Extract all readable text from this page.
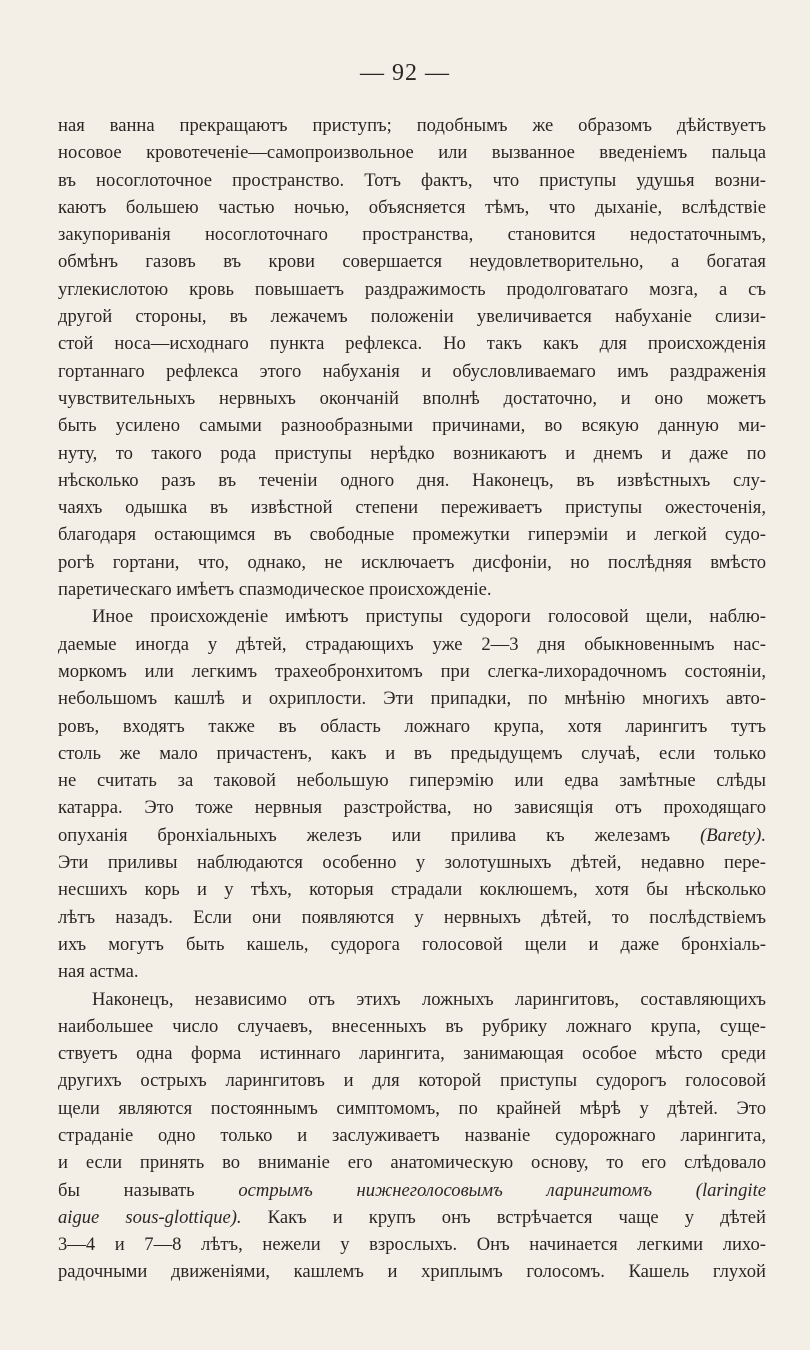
— 92 —
ная ванна прекращаютъ приступъ; подобнымъ же образомъ дѣйствуетъ
носовое кровотеченіе—самопроизвольное или вызванное введеніемъ пальца
въ носоглоточное пространство. Тотъ фактъ, что приступы удушья возни-
каютъ большею частью ночью, объясняется тѣмъ, что дыханіе, вслѣдствіе
закупориванія носоглоточнаго пространства, становится недостаточнымъ,
обмѣнъ газовъ въ крови совершается неудовлетворительно, а богатая
углекислотою кровь повышаетъ раздражимость продолговатаго мозга, а съ
другой стороны, въ лежачемъ положеніи увеличивается набуханіе слизи-
стой носа—исходнаго пункта рефлекса. Но такъ какъ для происхожденія
гортаннаго рефлекса этого набуханія и обусловливаемаго имъ раздраженія
чувствительныхъ нервныхъ окончаній вполнѣ достаточно, и оно можетъ
быть усилено самыми разнообразными причинами, во всякую данную ми-
нуту, то такого рода приступы нерѣдко возникаютъ и днемъ и даже по
нѣсколько разъ въ теченіи одного дня. Наконецъ, въ извѣстныхъ слу-
чаяхъ одышка въ извѣстной степени переживаетъ приступы ожесточенія,
благодаря остающимся въ свободные промежутки гиперэміи и легкой судо-
рогѣ гортани, что, однако, не исключаетъ дисфоніи, но послѣдняя вмѣсто
паретическаго имѣетъ спазмодическое происхожденіе.
Иное происхожденіе имѣютъ приступы судороги голосовой щели, наблю-
даемые иногда у дѣтей, страдающихъ уже 2—3 дня обыкновеннымъ нас-
моркомъ или легкимъ трахеобронхитомъ при слегка-лихорадочномъ состояніи,
небольшомъ кашлѣ и охриплости. Эти припадки, по мнѣнію многихъ авто-
ровъ, входятъ также въ область ложнаго крупа, хотя ларингитъ тутъ
столь же мало причастенъ, какъ и въ предыдущемъ случаѣ, если только
не считать за таковой небольшую гиперэмію или едва замѣтные слѣды
катарра. Это тоже нервныя разстройства, но зависящія отъ проходящаго
опуханія бронхіальныхъ железъ или прилива къ железамъ (Barety).
Эти приливы наблюдаются особенно у золотушныхъ дѣтей, недавно пере-
несшихъ корь и у тѣхъ, которыя страдали коклюшемъ, хотя бы нѣсколько
лѣтъ назадъ. Если они появляются у нервныхъ дѣтей, то послѣдствіемъ
ихъ могутъ быть кашель, судорога голосовой щели и даже бронхіаль-
ная астма.
Наконецъ, независимо отъ этихъ ложныхъ ларингитовъ, составляющихъ
наибольшее число случаевъ, внесенныхъ въ рубрику ложнаго крупа, суще-
ствуетъ одна форма истиннаго ларингита, занимающая особое мѣсто среди
другихъ острыхъ ларингитовъ и для которой приступы судорогъ голосовой
щели являются постояннымъ симптомомъ, по крайней мѣрѣ у дѣтей. Это
страданіе одно только и заслуживаетъ названіе судорожнаго ларингита,
и если принять во вниманіе его анатомическую основу, то его слѣдовало
бы называть острымъ нижнеголосовымъ ларингитомъ (laringite
aigue sous-glottique). Какъ и крупъ онъ встрѣчается чаще у дѣтей
3—4 и 7—8 лѣтъ, нежели у взрослыхъ. Онъ начинается легкими лихо-
радочными движеніями, кашлемъ и хриплымъ голосомъ. Кашель глухой
